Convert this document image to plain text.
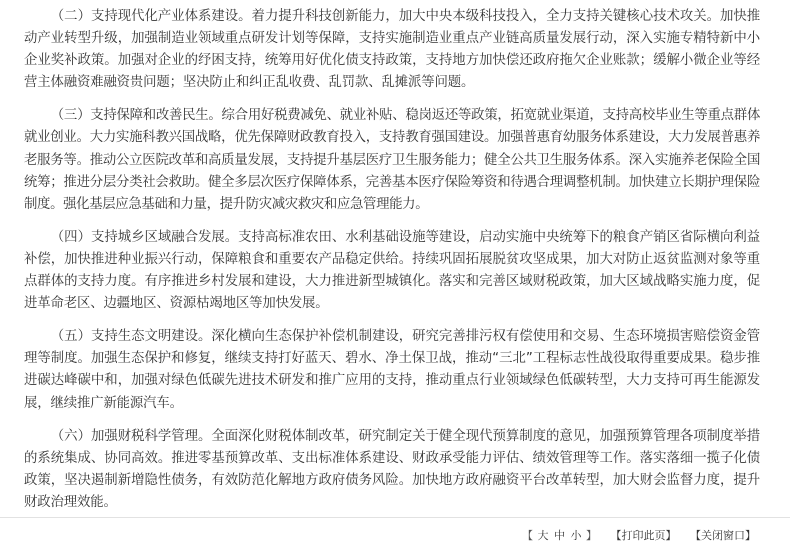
（二）支持现代化产业体系建设。着力提升科技创新能力，加大中央本级科技投入，全力支持关键核心技术攻关。加快推动产业转型升级，加强制造业领域重点研发计划等保障，支持实施制造业重点产业链高质量发展行动，深入实施专精特新中小企业奖补政策。加强对企业的纾困支持，统筹用好优化债支持政策，支持地方加快偿还政府拖欠企业账款；缓解小微企业等经营主体融资难融资贵问题；坚决防止和纠正乱收费、乱罚款、乱摊派等问题。

（三）支持保障和改善民生。综合用好税费减免、就业补贴、稳岗返还等政策，拓宽就业渠道，支持高校毕业生等重点群体就业创业。大力实施科教兴国战略，优先保障财政教育投入，支持教育强国建设。加强普惠育幼服务体系建设，大力发展普惠养老服务等。推动公立医院改革和高质量发展，支持提升基层医疗卫生服务能力；健全公共卫生服务体系。深入实施养老保险全国统筹；推进分层分类社会救助。健全多层次医疗保障体系，完善基本医疗保险筹资和待遇合理调整机制。加快建立长期护理保险制度。强化基层应急基础和力量，提升防灾减灾救灾和应急管理能力。

（四）支持城乡区域融合发展。支持高标准农田、水利基础设施等建设，启动实施中央统筹下的粮食产销区省际横向利益补偿，加快推进种业振兴行动，保障粮食和重要农产品稳定供给。持续巩固拓展脱贫攻坚成果，加大对防止返贫监测对象等重点群体的支持力度。有序推进乡村发展和建设，大力推进新型城镇化。落实和完善区域财税政策，加大区域战略实施力度，促进革命老区、边疆地区、资源枯竭地区等加快发展。

（五）支持生态文明建设。深化横向生态保护补偿机制建设，研究完善排污权有偿使用和交易、生态环境损害赔偿资金管理等制度。加强生态保护和修复，继续支持打好蓝天、碧水、净土保卫战，推动“三北”工程标志性战役取得重要成果。稳步推进碳达峰碳中和，加强对绿色低碳先进技术研发和推广应用的支持，推动重点行业领域绿色低碳转型，大力支持可再生能源发展，继续推广新能源汽车。

（六）加强财税科学管理。全面深化财税体制改革，研究制定关于健全现代预算制度的意见，加强预算管理各项制度举措的系统集成、协同高效。推进零基预算改革、支出标准体系建设、财政承受能力评估、绩效管理等工作。落实落细一揽子化债政策，坚决遏制新增隐性债务，有效防范化解地方政府债务风险。加快地方政府融资平台改革转型，加大财会监督力度，提升财政治理效能。

【 大 中 小 】 【打印此页】 【关闭窗口】
